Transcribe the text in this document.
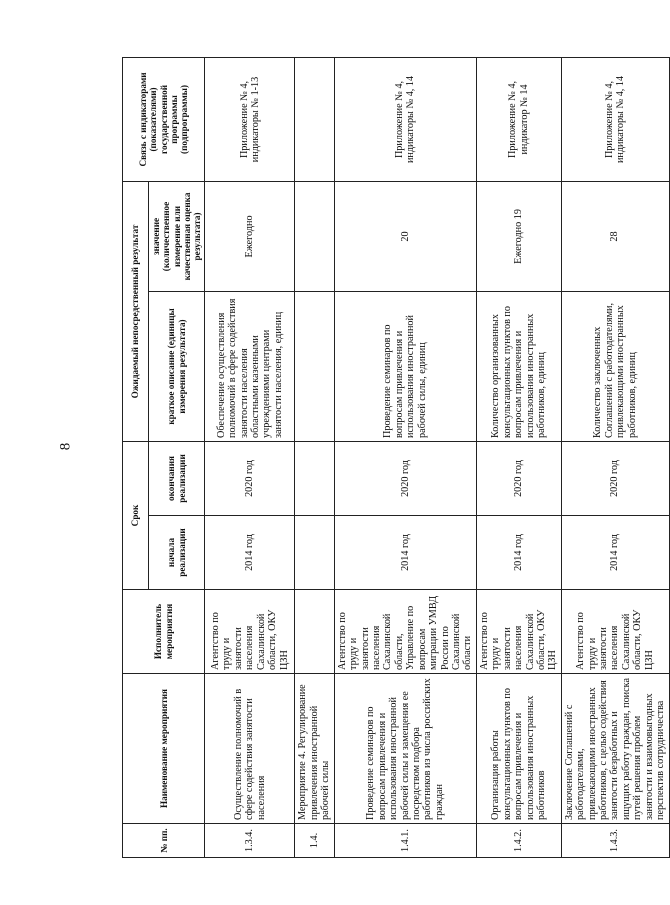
8
№ пп.	Наименование мероприятия	Исполнитель мероприятия	Срок		Ожидаемый непосредственный результат		Связь с индикаторами (показателями) государственной программы (подпрограммы)
			начала реализации	окончания реализации	краткое описание (единицы измерения результата)	значение (количественное измерение или качественная оценка результата)	
1.3.4.	Осуществление полномочий в сфере содействия занятости населения	Агентство по труду и занятости населения Сахалинской области, ОКУ ЦЗН	2014 год	2020 год	Обеспечение осуществления полномочий в сфере содействия занятости населения областными казенными учреждениями центрами занятости населения, единиц	Ежегодно	Приложение № 4, индикаторы № 1-13
1.4.	Мероприятие 4. Регулирование привлечения иностранной рабочей силы						
1.4.1.	Проведение семинаров по вопросам привлечения и использования иностранной рабочей силы и замещения ее посредством подбора работников из числа российских граждан	Агентство по труду и занятости населения Сахалинской области, Управление по вопросам миграции УМВД России по Сахалинской области	2014 год	2020 год	Проведение семинаров по вопросам привлечения и использования иностранной рабочей силы, единиц	20	Приложение № 4, индикаторы № 4, 14
1.4.2.	Организация работы консультационных пунктов по вопросам привлечения и использования иностранных работников	Агентство по труду и занятости населения Сахалинской области, ОКУ ЦЗН	2014 год	2020 год	Количество организованных консультационных пунктов по вопросам привлечения и использования иностранных работников, единиц	Ежегодно 19	Приложение № 4, индикатор № 14
1.4.3.	Заключение Соглашений с работодателями, привлекающими иностранных работников, с целью содействия занятости безработных и ищущих работу граждан, поиска путей решения проблем занятости и взаимовыгодных перспектив сотрудничества	Агентство по труду и занятости населения Сахалинской области, ОКУ ЦЗН	2014 год	2020 год	Количество заключенных Соглашений с работодателями, привлекающими иностранных работников, единиц	28	Приложение № 4, индикаторы № 4, 14
